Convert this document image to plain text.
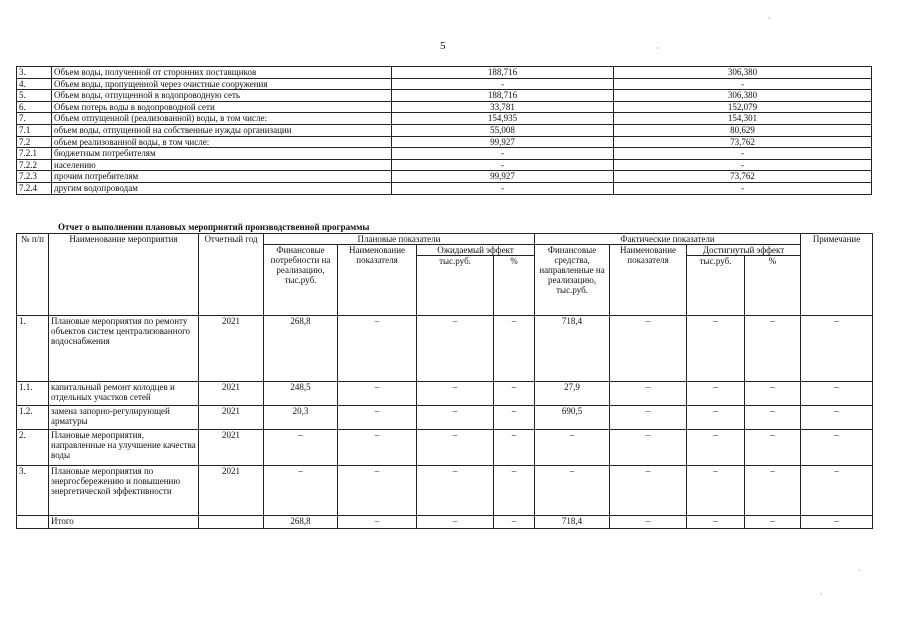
5
3.	Объем воды, полученной от сторонних поставщиков	188,716	306,380
4.	Объем воды, пропущенной через очистные сооружения	-	-
5.	Объем воды, отпущенной в водопроводную сеть	188,716	306,380
6.	Объем потерь воды в водопроводной сети	33,781	152,079
7.	Объем отпущенной (реализованной) воды, в том числе:	154,935	154,301
7.1	объем воды, отпущенной на собственные нужды организации	55,008	80,629
7.2	объем реализованной воды, в том числе:	99,927	73,762
7.2.1	бюджетным потребителям	-	-
7.2.2	населению	-	-
7.2.3	прочим потребителям	99,927	73,762
7.2.4	другим водопроводам	-	-
Отчет о выполнении плановых мероприятий производственной программы
№ п/п	Наименование мероприятия	Отчетный год	Плановые показатели				Фактические показатели				Примечание
			Финансовые потребности на реализацию, тыс.руб.	Наименование показателя	Ожидаемый эффект		Финансовые средства, направленные на реализацию, тыс.руб.	Наименование показателя	Достигнутый эффект		
					тыс.руб.	%			тыс.руб.	%	
1.	Плановые мероприятия по ремонту объектов систем централизованного водоснабжения	2021	268,8	–	–	–	718,4	–	–	–	–
1.1.	капитальный ремонт колодцев и отдельных участков сетей	2021	248,5	–	–	–	27,9	–	–	–	–
1.2.	замена запорно-регулирующей арматуры	2021	20,3	–	–	–	690,5	–	–	–	–
2.	Плановые мероприятия, направленные на улучшение качества воды	2021	–	–	–	–	–	–	–	–	–
3.	Плановые мероприятия по энергосбережению и повышению энергетической эффективности	2021	–	–	–	–	–	–	–	–	–
	Итого		268,8	–	–	–	718,4	–	–	–	–
·
·
·
·
